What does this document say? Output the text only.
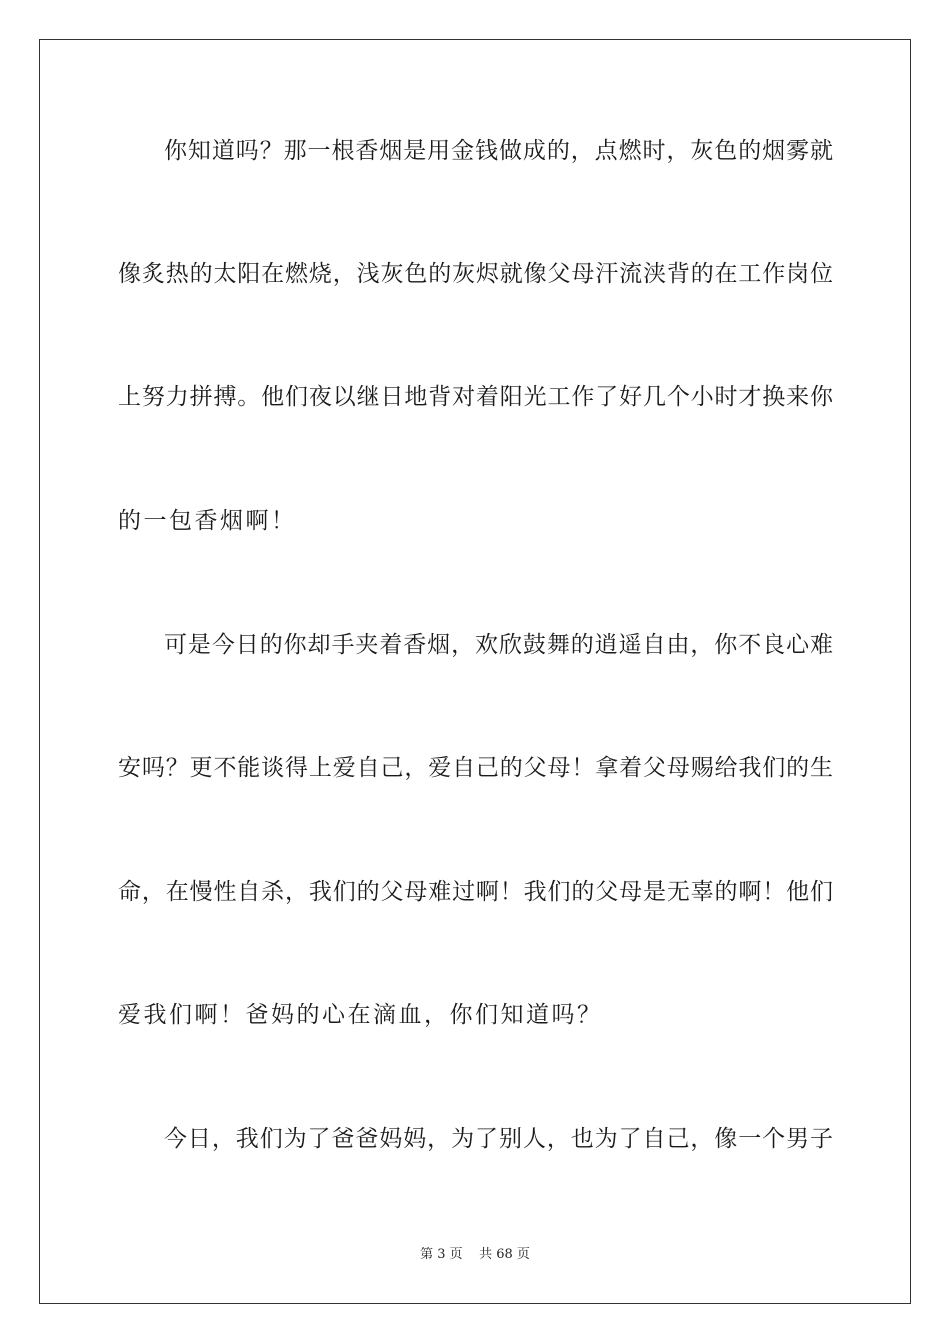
你知道吗？那一根香烟是用金钱做成的，点燃时，灰色的烟雾就
像炙热的太阳在燃烧，浅灰色的灰烬就像父母汗流浃背的在工作岗位
上努力拼搏。他们夜以继日地背对着阳光工作了好几个小时才换来你
的一包香烟啊！
可是今日的你却手夹着香烟，欢欣鼓舞的逍遥自由，你不良心难
安吗？更不能谈得上爱自己，爱自己的父母！拿着父母赐给我们的生
命，在慢性自杀，我们的父母难过啊！我们的父母是无辜的啊！他们
爱我们啊！爸妈的心在滴血，你们知道吗？
今日，我们为了爸爸妈妈，为了别人，也为了自己，像一个男子
第 3 页    共 68 页
